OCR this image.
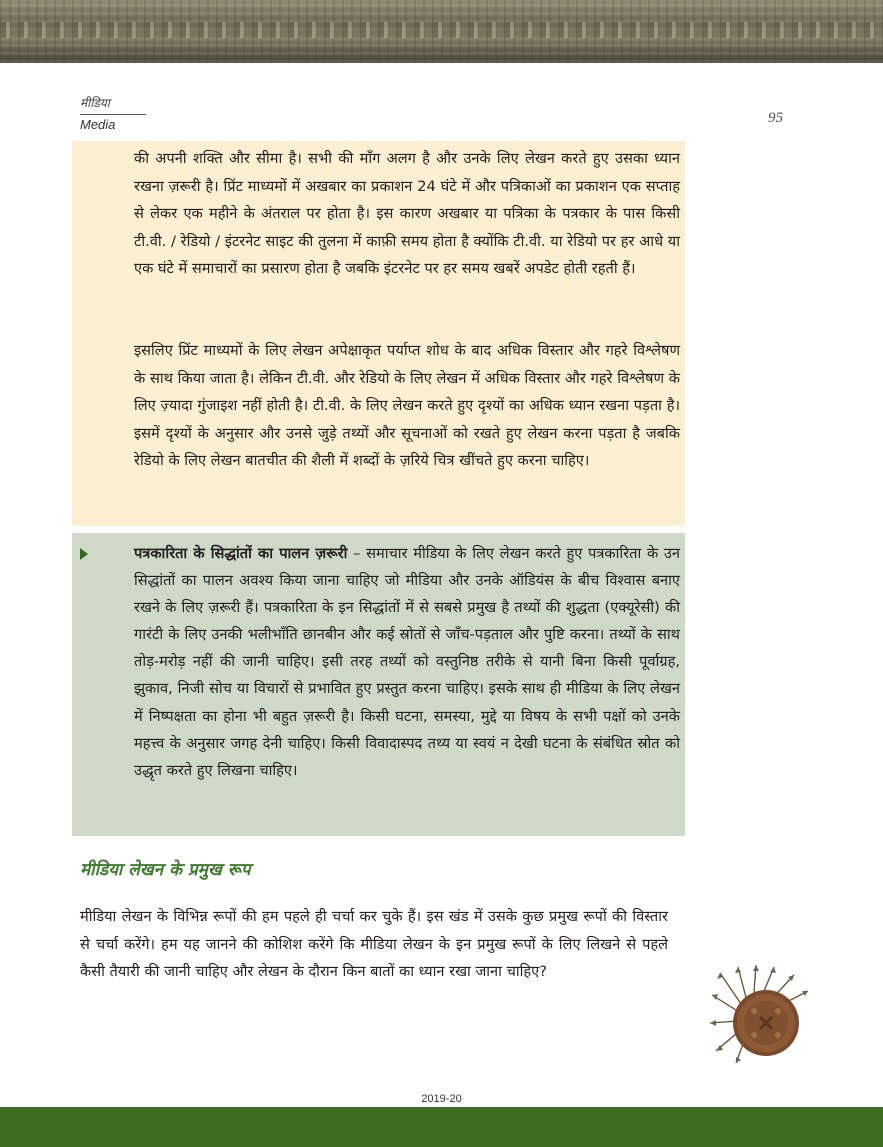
मीडिया
Media	95

की अपनी शक्ति और सीमा है। सभी की माँग अलग है और उनके लिए लेखन करते हुए उसका ध्यान रखना ज़रूरी है। प्रिंट माध्यमों में अखबार का प्रकाशन 24 घंटे में और पत्रिकाओं का प्रकाशन एक सप्ताह से लेकर एक महीने के अंतराल पर होता है। इस कारण अखबार या पत्रिका के पत्रकार के पास किसी टी.वी. / रेडियो / इंटरनेट साइट की तुलना में काफ़ी समय होता है क्योंकि टी.वी. या रेडियो पर हर आधे या एक घंटे में समाचारों का प्रसारण होता है जबकि इंटरनेट पर हर समय खबरें अपडेट होती रहती हैं।

इसलिए प्रिंट माध्यमों के लिए लेखन अपेक्षाकृत पर्याप्त शोध के बाद अधिक विस्तार और गहरे विश्लेषण के साथ किया जाता है। लेकिन टी.वी. और रेडियो के लिए लेखन में अधिक विस्तार और गहरे विश्लेषण के लिए ज़्यादा गुंजाइश नहीं होती है। टी.वी. के लिए लेखन करते हुए दृश्यों का अधिक ध्यान रखना पड़ता है। इसमें दृश्यों के अनुसार और उनसे जुड़े तथ्यों और सूचनाओं को रखते हुए लेखन करना पड़ता है जबकि रेडियो के लिए लेखन बातचीत की शैली में शब्दों के ज़रिये चित्र खींचते हुए करना चाहिए।

पत्रकारिता के सिद्धांतों का पालन ज़रूरी – समाचार मीडिया के लिए लेखन करते हुए पत्रकारिता के उन सिद्धांतों का पालन अवश्य किया जाना चाहिए जो मीडिया और उनके ऑडियंस के बीच विश्वास बनाए रखने के लिए ज़रूरी हैं। पत्रकारिता के इन सिद्धांतों में से सबसे प्रमुख है तथ्यों की शुद्धता (एक्यूरेसी) की गारंटी के लिए उनकी भलीभाँति छानबीन और कई स्रोतों से जाँच-पड़ताल और पुष्टि करना। तथ्यों के साथ तोड़-मरोड़ नहीं की जानी चाहिए। इसी तरह तथ्यों को वस्तुनिष्ठ तरीके से यानी बिना किसी पूर्वाग्रह, झुकाव, निजी सोच या विचारों से प्रभावित हुए प्रस्तुत करना चाहिए। इसके साथ ही मीडिया के लिए लेखन में निष्पक्षता का होना भी बहुत ज़रूरी है। किसी घटना, समस्या, मुद्दे या विषय के सभी पक्षों को उनके महत्त्व के अनुसार जगह देनी चाहिए। किसी विवादास्पद तथ्य या स्वयं न देखी घटना के संबंधित स्रोत को उद्धृत करते हुए लिखना चाहिए।

मीडिया लेखन के प्रमुख रूप

मीडिया लेखन के विभिन्न रूपों की हम पहले ही चर्चा कर चुके हैं। इस खंड में उसके कुछ प्रमुख रूपों की विस्तार से चर्चा करेंगे। हम यह जानने की कोशिश करेंगे कि मीडिया लेखन के इन प्रमुख रूपों के लिए लिखने से पहले कैसी तैयारी की जानी चाहिए और लेखन के दौरान किन बातों का ध्यान रखा जाना चाहिए?

2019-20
